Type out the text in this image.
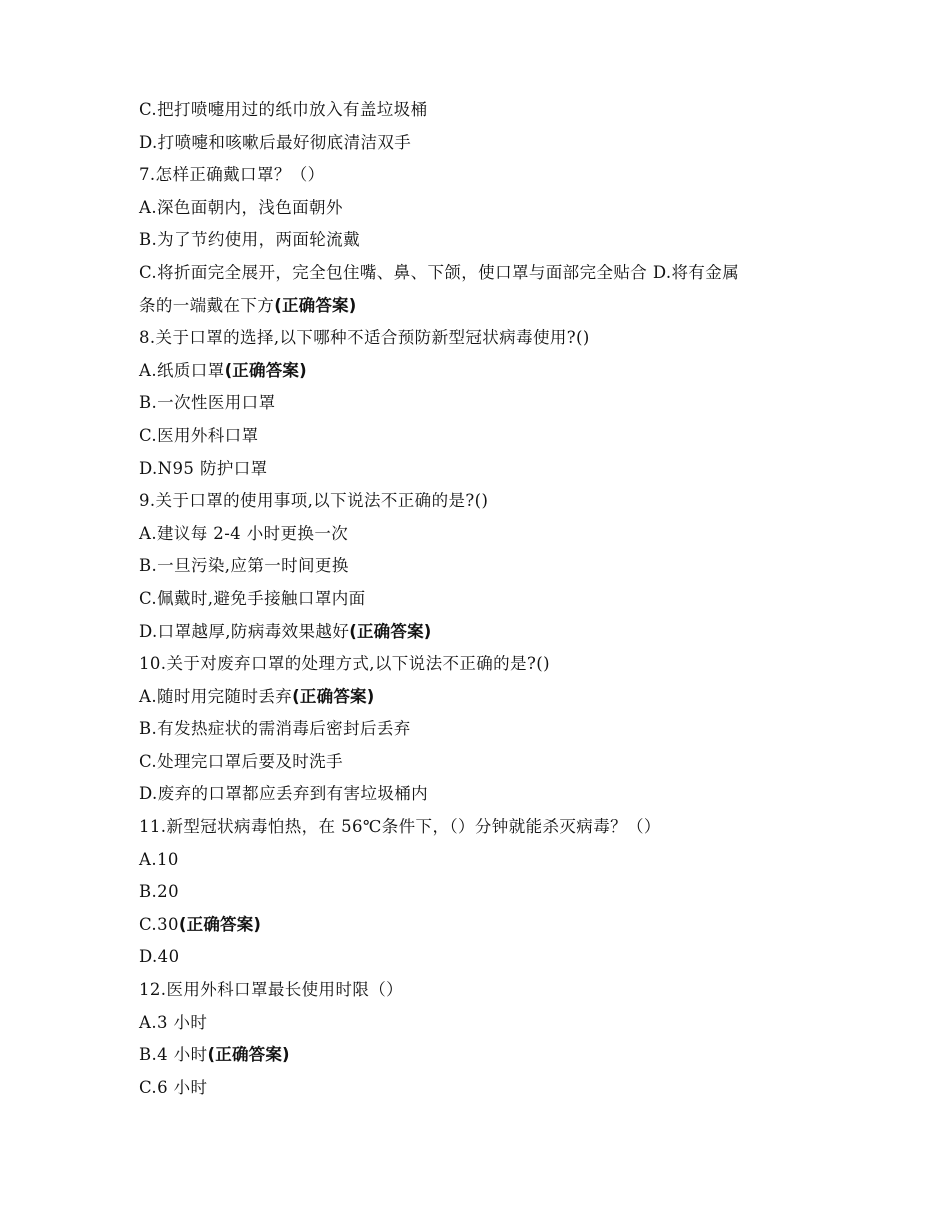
C.把打喷嚏用过的纸巾放入有盖垃圾桶
D.打喷嚏和咳嗽后最好彻底清洁双手
7.怎样正确戴口罩？（）
A.深色面朝内，浅色面朝外
B.为了节约使用，两面轮流戴
C.将折面完全展开，完全包住嘴、鼻、下颌，使口罩与面部完全贴合 D.将有金属
条的一端戴在下方(正确答案)
8.关于口罩的选择,以下哪种不适合预防新型冠状病毒使用?()
A.纸质口罩(正确答案)
B.一次性医用口罩
C.医用外科口罩
D.N95 防护口罩
9.关于口罩的使用事项,以下说法不正确的是?()
A.建议每 2-4 小时更换一次
B.一旦污染,应第一时间更换
C.佩戴时,避免手接触口罩内面
D.口罩越厚,防病毒效果越好(正确答案)
10.关于对废弃口罩的处理方式,以下说法不正确的是?()
A.随时用完随时丢弃(正确答案)
B.有发热症状的需消毒后密封后丢弃
C.处理完口罩后要及时洗手
D.废弃的口罩都应丢弃到有害垃圾桶内
11.新型冠状病毒怕热，在 56℃条件下，（）分钟就能杀灭病毒？（）
A.10
B.20
C.30(正确答案)
D.40
12.医用外科口罩最长使用时限（）
A.3 小时
B.4 小时(正确答案)
C.6 小时
